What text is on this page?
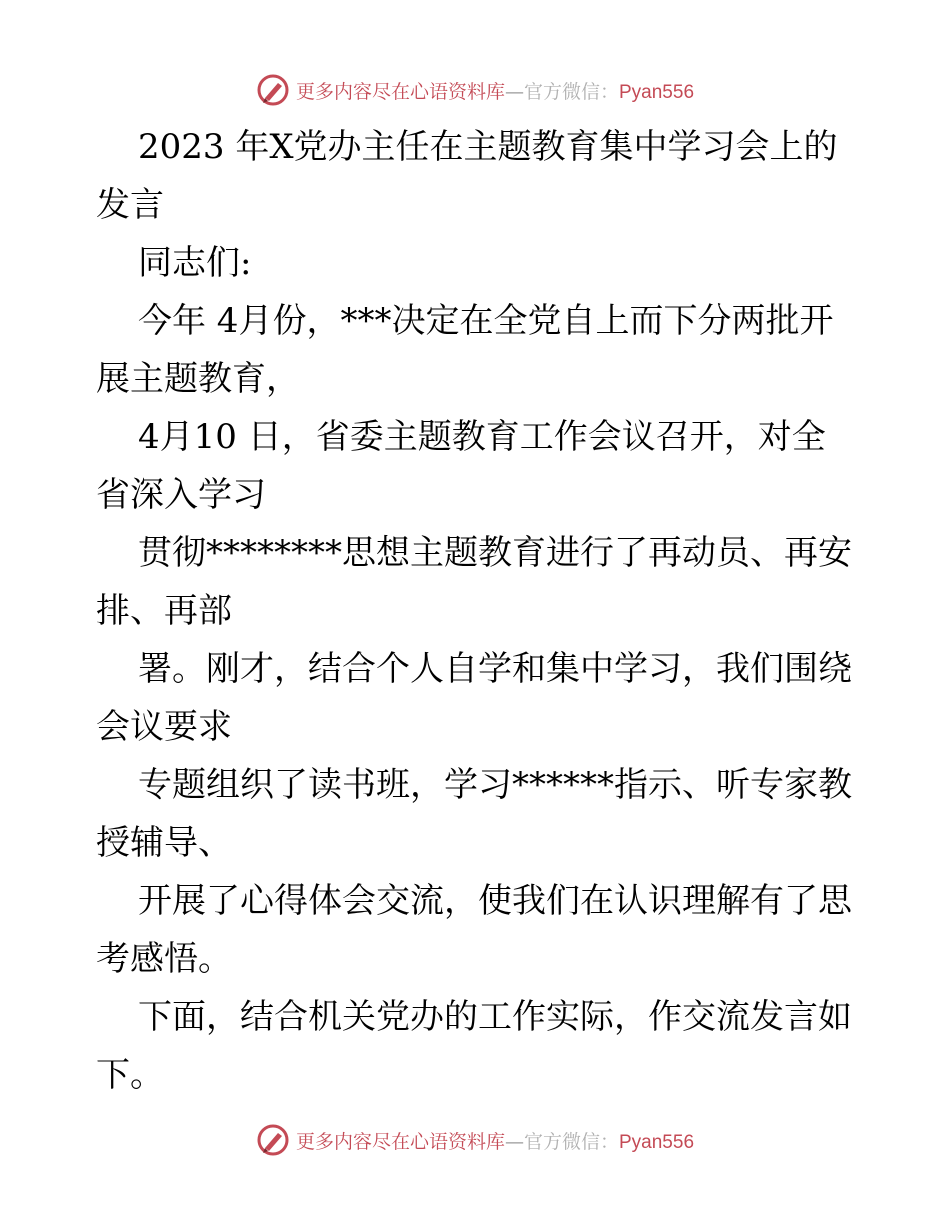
更多内容尽在心语资料库—官方微信：Pyan556
2023 年X党办主任在主题教育集中学习会上的
发言
同志们:
今年 4月份，***决定在全党自上而下分两批开
展主题教育，
4月10 日，省委主题教育工作会议召开，对全
省深入学习
贯彻********思想主题教育进行了再动员、再安
排、再部
署。刚才，结合个人自学和集中学习，我们围绕
会议要求
专题组织了读书班，学习******指示、听专家教
授辅导、
开展了心得体会交流，使我们在认识理解有了思
考感悟。
下面，结合机关党办的工作实际，作交流发言如
下。
更多内容尽在心语资料库—官方微信：Pyan556
